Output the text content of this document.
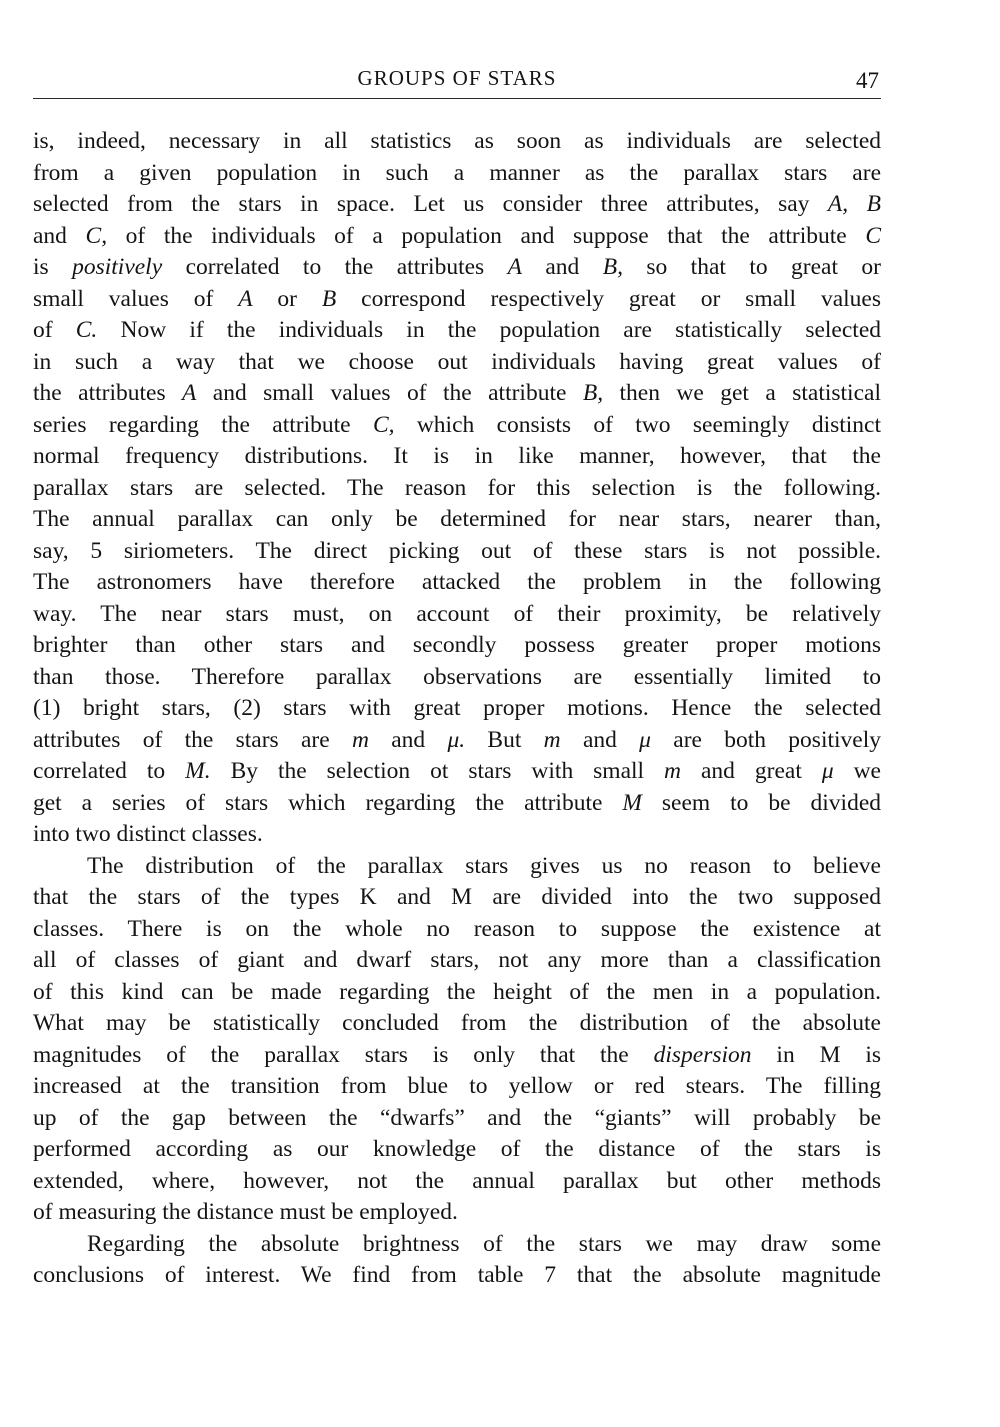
GROUPS OF STARS	47
is, indeed, necessary in all statistics as soon as individuals are selected
from a given population in such a manner as the parallax stars are
selected from the stars in space. Let us consider three attributes, say A, B
and C, of the individuals of a population and suppose that the attribute C
is positively correlated to the attributes A and B, so that to great or
small values of A or B correspond respectively great or small values
of C. Now if the individuals in the population are statistically selected
in such a way that we choose out individuals having great values of
the attributes A and small values of the attribute B, then we get a statistical
series regarding the attribute C, which consists of two seemingly distinct
normal frequency distributions. It is in like manner, however, that the
parallax stars are selected. The reason for this selection is the following.
The annual parallax can only be determined for near stars, nearer than,
say, 5 siriometers. The direct picking out of these stars is not possible.
The astronomers have therefore attacked the problem in the following
way. The near stars must, on account of their proximity, be relatively
brighter than other stars and secondly possess greater proper motions
than those. Therefore parallax observations are essentially limited to
(1) bright stars, (2) stars with great proper motions. Hence the selected
attributes of the stars are m and μ. But m and μ are both positively
correlated to M. By the selection ot stars with small m and great μ we
get a series of stars which regarding the attribute M seem to be divided
into two distinct classes.
The distribution of the parallax stars gives us no reason to believe
that the stars of the types K and M are divided into the two supposed
classes. There is on the whole no reason to suppose the existence at
all of classes of giant and dwarf stars, not any more than a classification
of this kind can be made regarding the height of the men in a population.
What may be statistically concluded from the distribution of the absolute
magnitudes of the parallax stars is only that the dispersion in M is
increased at the transition from blue to yellow or red stears. The filling
up of the gap between the “dwarfs” and the “giants” will probably be
performed according as our knowledge of the distance of the stars is
extended, where, however, not the annual parallax but other methods
of measuring the distance must be employed.
Regarding the absolute brightness of the stars we may draw some
conclusions of interest. We find from table 7 that the absolute magnitude
